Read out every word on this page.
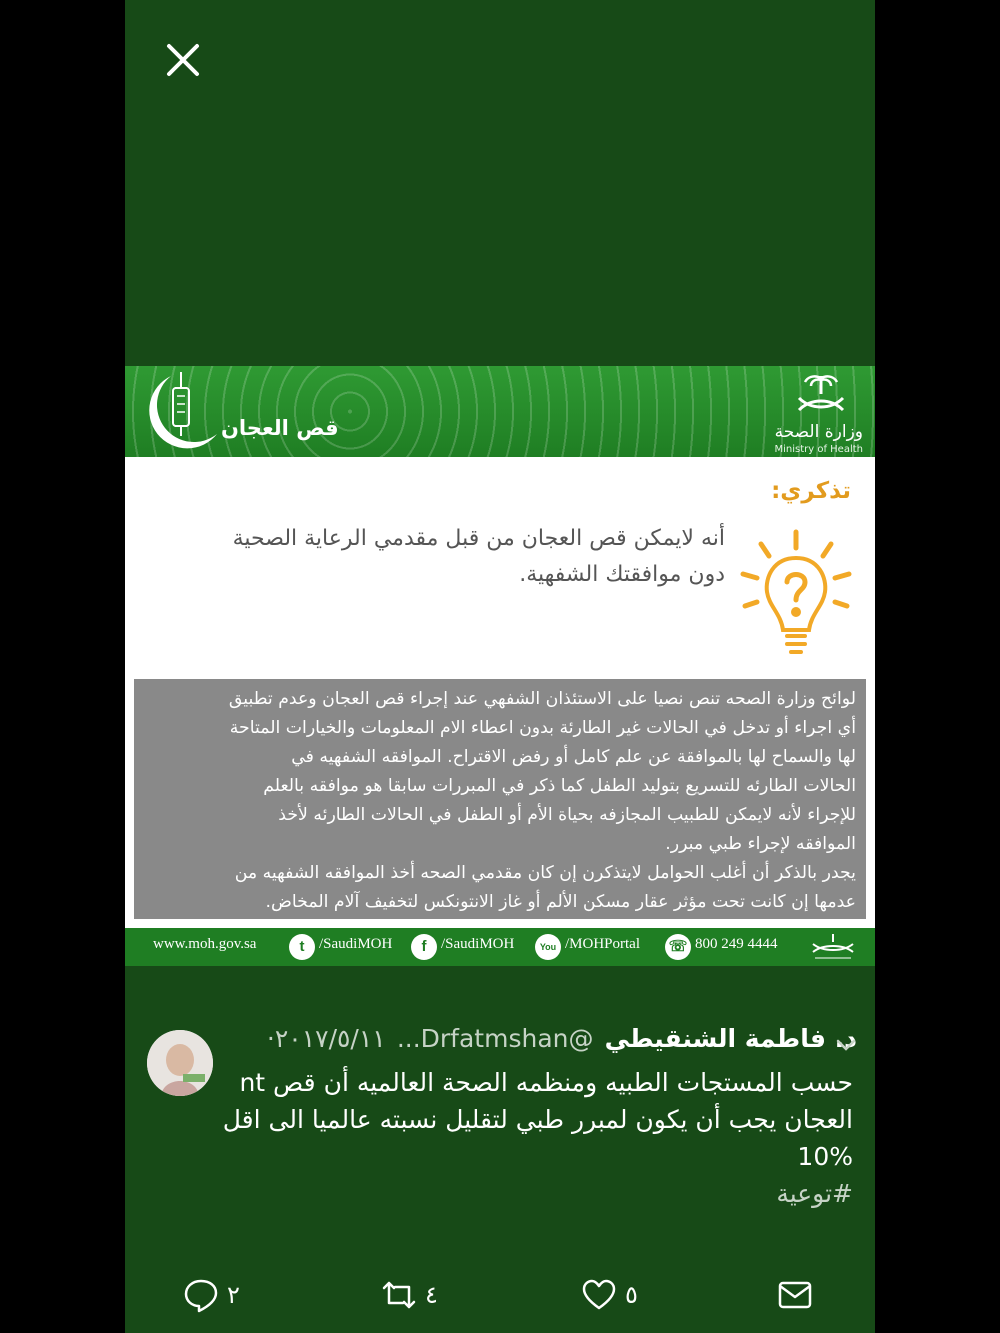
وزارة الصحة
Ministry of Health
قص العجان
تذكري:
أنه لايمكن قص العجان من قبل مقدمي الرعاية الصحية
دون موافقتك الشفهية.

لوائح وزارة الصحه تنص نصيا على الاستئذان الشفهي عند إجراء قص العجان وعدم تطبيق

أي اجراء أو تدخل في الحالات غير الطارئة بدون اعطاء الام المعلومات والخيارات المتاحة

لها والسماح لها بالموافقة عن علم كامل أو رفض الاقتراح. الموافقه الشفهيه في

الحالات الطارئه للتسريع بتوليد الطفل كما ذكر في المبررات سابقا هو موافقه بالعلم

للإجراء لأنه لايمكن للطبيب المجازفه بحياة الأم أو الطفل في الحالات الطارئه لأخذ

الموافقه لإجراء طبي مبرر.

يجدر بالذكر أن أغلب الحوامل لايتذكرن إن كان مقدمي الصحه أخذ الموافقه الشفهيه من

عدمها إن كانت تحت مؤثر عقار مسكن الألم أو غاز الانتونكس لتخفيف آلام المخاض.

www.moh.gov.sa	t /SaudiMOH	f /SaudiMOH	You /MOHPortal ☏ 800 249 4444
د. فاطمة الشنقيطي @Drfatmshan... ٢٠١٧/٥/١١·
حسب المستجات الطبيه ومنظمه الصحة العالميه أن قص nt
العجان يجب أن يكون لمبرر طبي لتقليل نسبته عالميا الى اقل
10%
#توعية
٢	٤	٥
